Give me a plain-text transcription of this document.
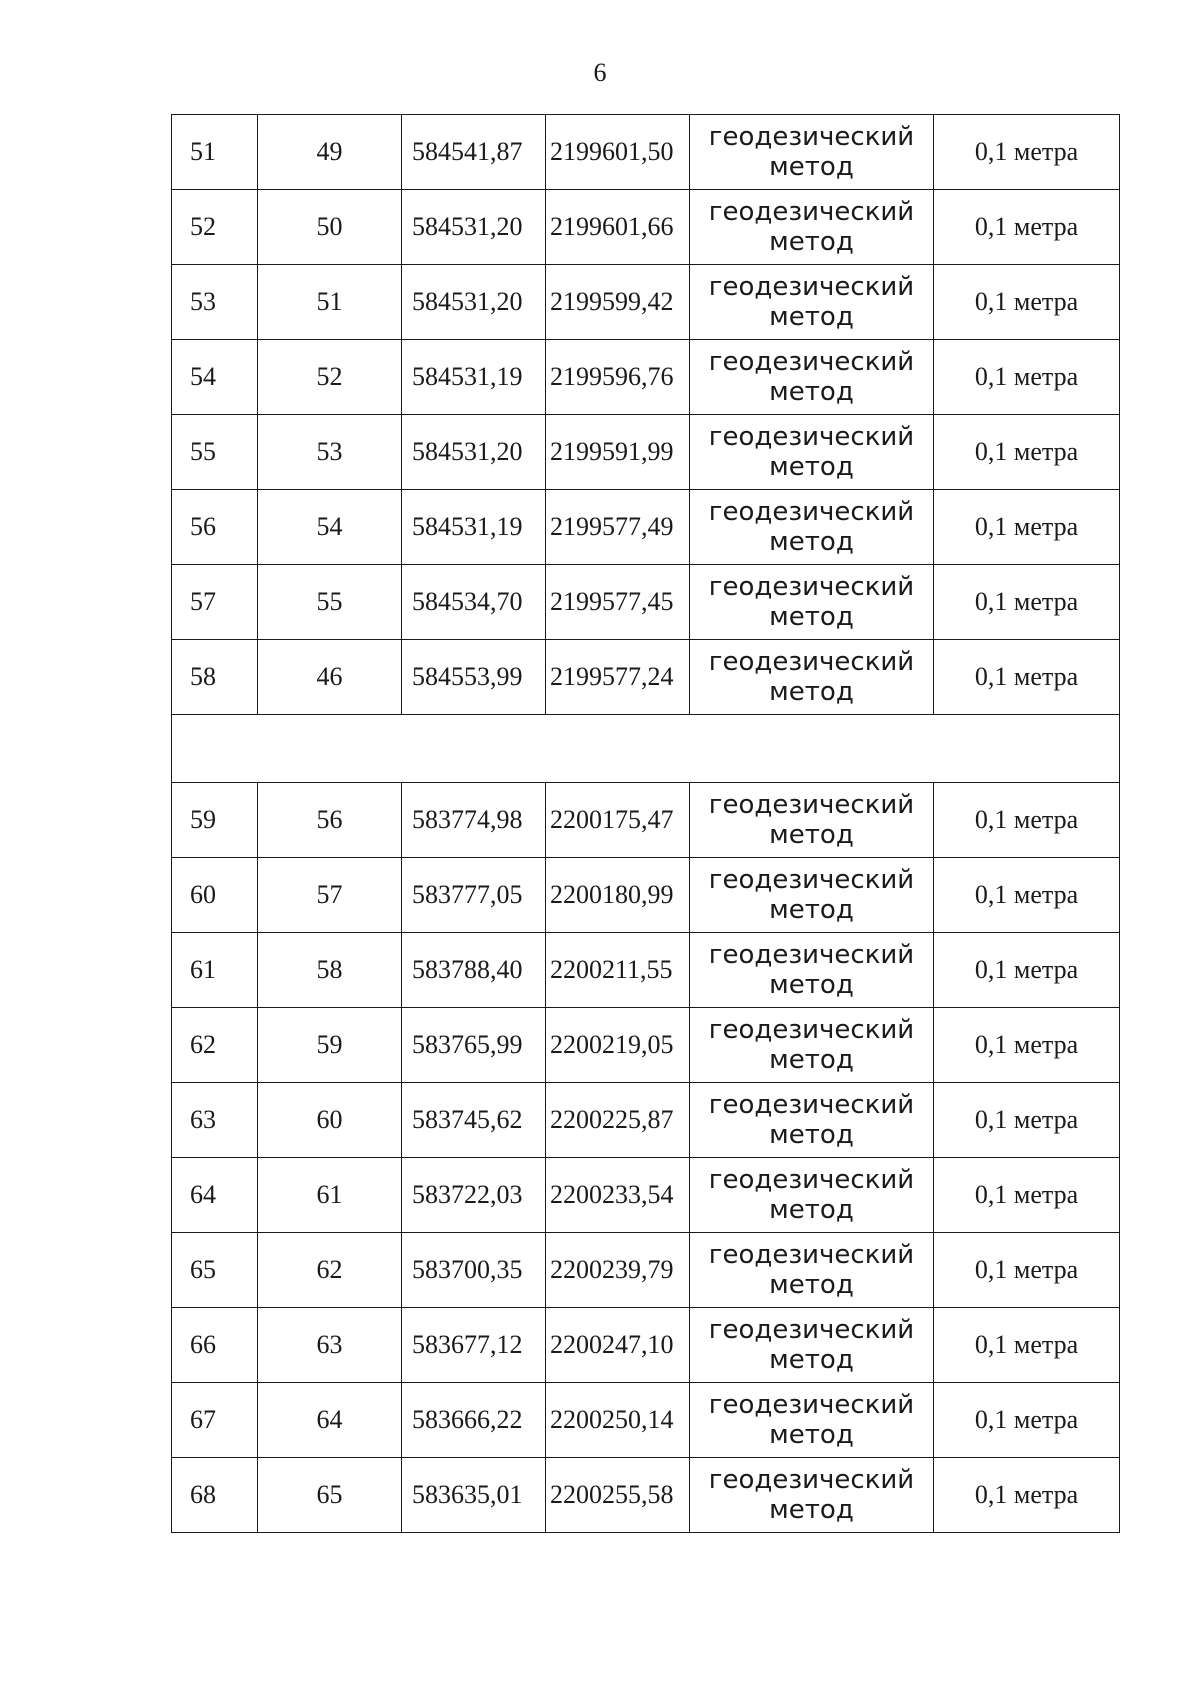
6
51	49	584541,87	2199601,50	геодезический
метод	0,1 метра
52	50	584531,20	2199601,66	геодезический
метод	0,1 метра
53	51	584531,20	2199599,42	геодезический
метод	0,1 метра
54	52	584531,19	2199596,76	геодезический
метод	0,1 метра
55	53	584531,20	2199591,99	геодезический
метод	0,1 метра
56	54	584531,19	2199577,49	геодезический
метод	0,1 метра
57	55	584534,70	2199577,45	геодезический
метод	0,1 метра
58	46	584553,99	2199577,24	геодезический
метод	0,1 метра

59	56	583774,98	2200175,47	геодезический
метод	0,1 метра
60	57	583777,05	2200180,99	геодезический
метод	0,1 метра
61	58	583788,40	2200211,55	геодезический
метод	0,1 метра
62	59	583765,99	2200219,05	геодезический
метод	0,1 метра
63	60	583745,62	2200225,87	геодезический
метод	0,1 метра
64	61	583722,03	2200233,54	геодезический
метод	0,1 метра
65	62	583700,35	2200239,79	геодезический
метод	0,1 метра
66	63	583677,12	2200247,10	геодезический
метод	0,1 метра
67	64	583666,22	2200250,14	геодезический
метод	0,1 метра
68	65	583635,01	2200255,58	геодезический
метод	0,1 метра
